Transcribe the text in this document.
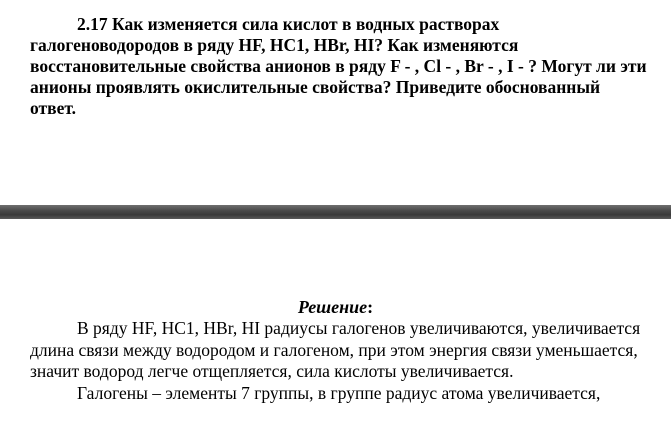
2.17 Как изменяется сила кислот в водных растворах галогеноводородов в ряду HF, HC1, HBr, HI? Как изменяются восстановительные свойства анионов в ряду F - , Cl - , Br - , I - ? Могут ли эти анионы проявлять окислительные свойства? Приведите обоснованный ответ.

Решение:

В ряду HF, HC1, HBr, HI радиусы галогенов увеличиваются, увеличивается длина связи между водородом и галогеном, при этом энергия связи уменьшается, значит водород легче отщепляется, сила кислоты увеличивается.

Галогены – элементы 7 группы, в группе радиус атома увеличивается,
